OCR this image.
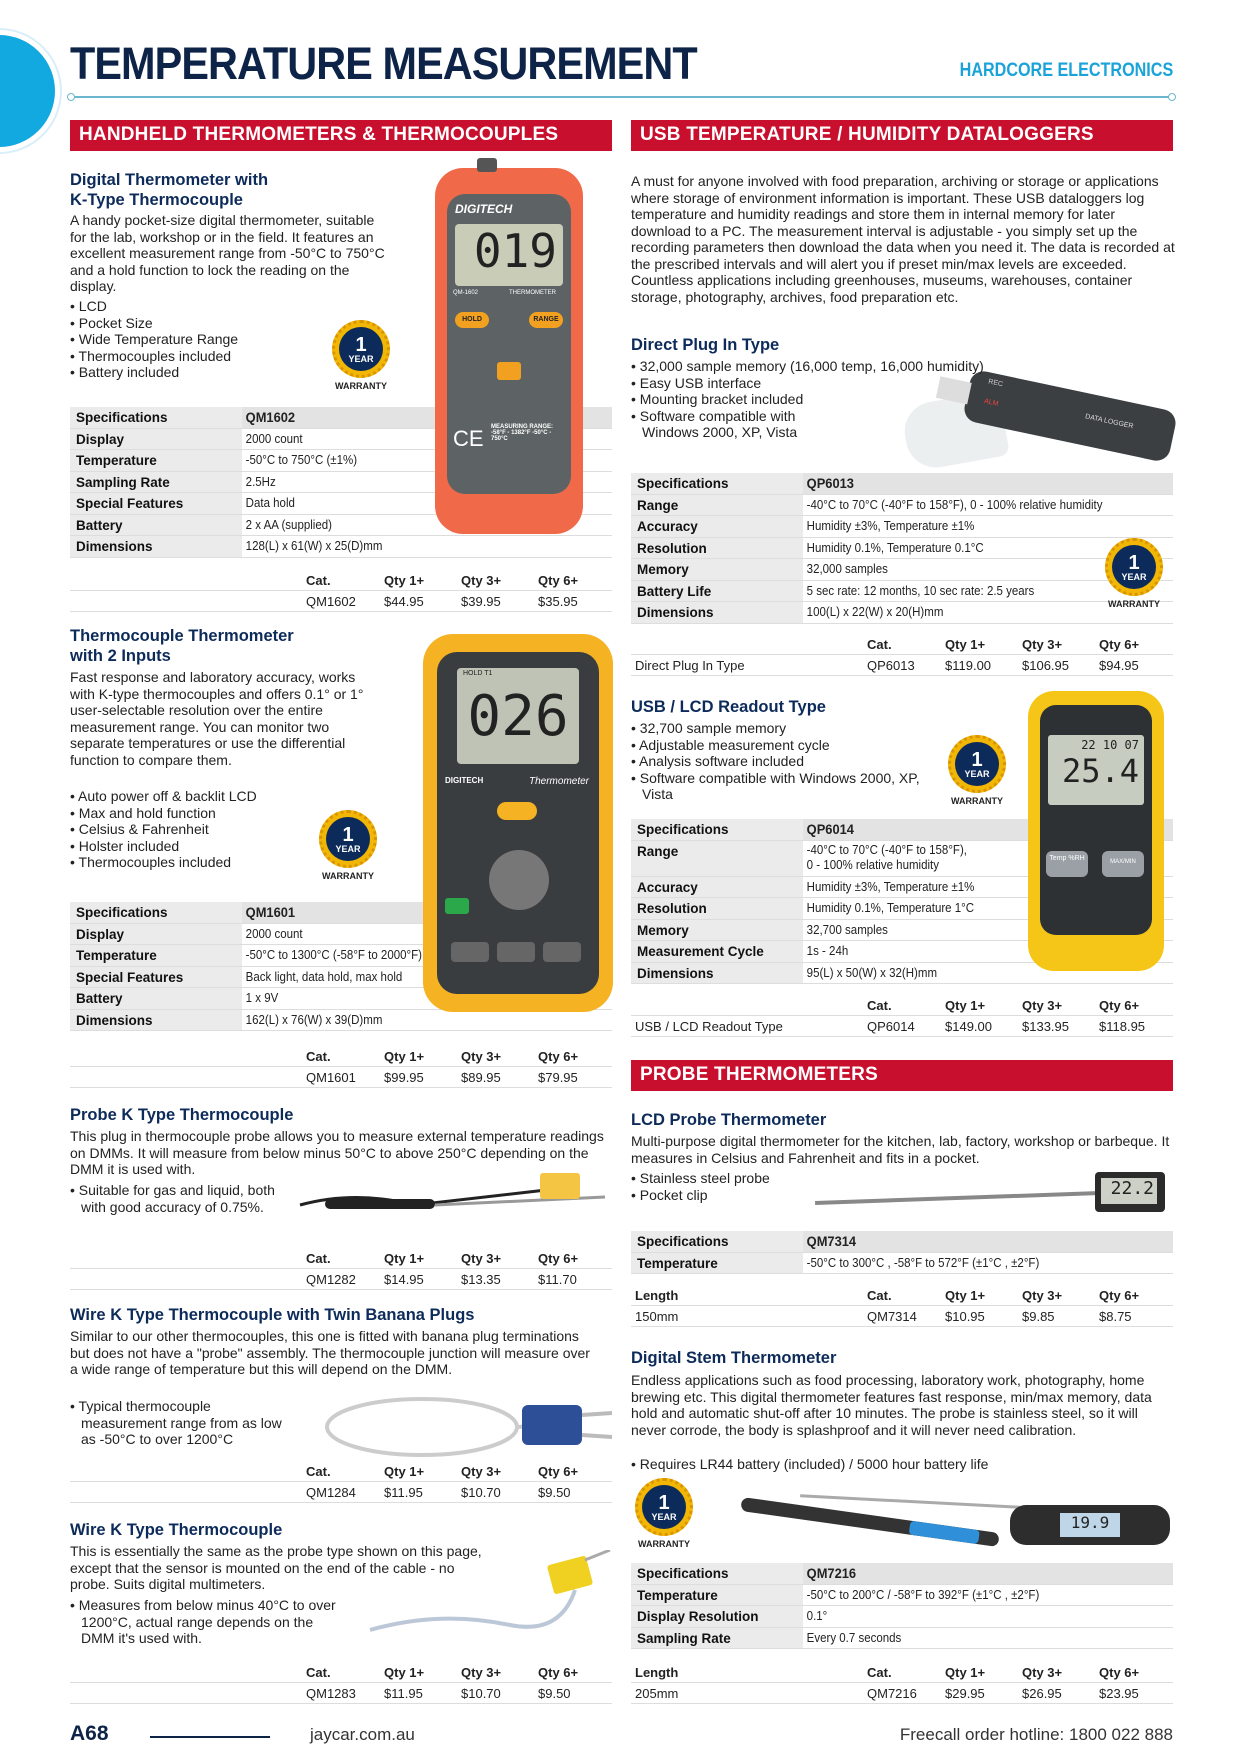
TEMPERATURE MEASUREMENT	HARDCORE ELECTRONICS
HANDHELD THERMOMETERS & THERMOCOUPLES	USB TEMPERATURE / HUMIDITY DATALOGGERS
PROBE THERMOMETERS
Digital Thermometer with K-Type Thermocouple
A handy pocket-size digital thermometer, suitable for the lab, workshop or in the field. It features an excellent measurement range from -50°C to 750°C and a hold function to lock the reading on the display.
• LCD
• Pocket Size
• Wide Temperature Range
• Thermocouples included
• Battery included
Specifications	QM1602
Display	2000 count
Temperature	-50°C to 750°C (±1%)
Sampling Rate	2.5Hz
Special Features	Data hold
Battery	2 x AA (supplied)
Dimensions	128(L) x 61(W) x 25(D)mm
Cat.	Qty 1+	Qty 3+	Qty 6+
QM1602 $44.95	$39.95	$35.95
DIGITECH
019
QM-1602	THERMOMETER
HOLD	RANGE
CE MEASURING RANGE: -58°F - 1382°F -50°C - 750°C
1
YEAR
WARRANTY
Thermocouple Thermometer with 2 Inputs
Fast response and laboratory accuracy, works with K-type thermocouples and offers 0.1° or 1° user-selectable resolution over the entire measurement range. You can monitor two separate temperatures or use the differential function to compare them.
• Auto power off & backlit LCD
• Max and hold function
• Celsius & Fahrenheit
• Holster included
• Thermocouples included
Specifications	QM1601
Display	2000 count
Temperature	-50°C to 1300°C (-58°F to 2000°F)
Special Features	Back light, data hold, max hold
Battery	1 x 9V
Dimensions	162(L) x 76(W) x 39(D)mm
Cat.	Qty 1+	Qty 3+	Qty 6+
QM1601 $99.95	$89.95	$79.95
026
HOLD T1
DIGITECH	Thermometer
1
YEAR
WARRANTY
Probe K Type Thermocouple
This plug in thermocouple probe allows you to measure external temperature readings on DMMs. It will measure from below minus 50°C to above 250°C depending on the DMM it is used with.
• Suitable for gas and liquid, both with good accuracy of 0.75%.
Cat.	Qty 1+	Qty 3+	Qty 6+
QM1282 $14.95	$13.35	$11.70
Wire K Type Thermocouple with Twin Banana Plugs
Similar to our other thermocouples, this one is fitted with banana plug terminations but does not have a "probe" assembly. The thermocouple junction will measure over a wide range of temperature but this will depend on the DMM.
• Typical thermocouple measurement range from as low as -50°C to over 1200°C
Cat.	Qty 1+	Qty 3+	Qty 6+
QM1284 $11.95	$10.70	$9.50
Wire K Type Thermocouple
This is essentially the same as the probe type shown on this page, except that the sensor is mounted on the end of the cable - no probe. Suits digital multimeters.
• Measures from below minus 40°C to over 1200°C, actual range depends on the DMM it's used with.
Cat.	Qty 1+	Qty 3+	Qty 6+
QM1283 $11.95	$10.70	$9.50
A must for anyone involved with food preparation, archiving or storage or applications where storage of environment information is important. These USB dataloggers log temperature and humidity readings and store them in internal memory for later download to a PC. The measurement interval is adjustable - you simply set up the recording parameters then download the data when you need it. The data is recorded at the prescribed intervals and will alert you if preset min/max levels are exceeded. Countless applications including greenhouses, museums, warehouses, container storage, photography, archives, food preparation etc.
Direct Plug In Type
REC
ALM
DATA LOGGER
• 32,000 sample memory (16,000 temp, 16,000 humidity)
• Easy USB interface
• Mounting bracket included
• Software compatible with Windows 2000, XP, Vista
Specifications	QP6013
Range	-40°C to 70°C (-40°F to 158°F), 0 - 100% relative humidity
Accuracy	Humidity ±3%, Temperature ±1%
Resolution	Humidity 0.1%, Temperature 0.1°C
Memory	32,000 samples
Battery Life	5 sec rate: 12 months, 10 sec rate: 2.5 years
Dimensions	100(L) x 22(W) x 20(H)mm
Cat.	Qty 1+	Qty 3+	Qty 6+
Direct Plug In Type	QP6013 $119.00 $106.95 $94.95
1
YEAR
WARRANTY
USB / LCD Readout Type
• 32,700 sample memory
• Adjustable measurement cycle
• Analysis software included
• Software compatible with Windows 2000, XP, Vista
Specifications	QP6014
Range	-40°C to 70°C (-40°F to 158°F),
0 - 100% relative humidity
Accuracy	Humidity ±3%, Temperature ±1%
Resolution	Humidity 0.1%, Temperature 1°C
Memory	32,700 samples
Measurement Cycle	1s - 24h
Dimensions	95(L) x 50(W) x 32(H)mm
Cat.	Qty 1+	Qty 3+	Qty 6+
USB / LCD Readout Type	QP6014 $149.00 $133.95 $118.95
22 10 07
25.4
Temp %RH	MAX/MIN
1
YEAR
WARRANTY
LCD Probe Thermometer
Multi-purpose digital thermometer for the kitchen, lab, factory, workshop or barbeque. It measures in Celsius and Fahrenheit and fits in a pocket.
• Stainless steel probe
• Pocket clip
Specifications	QM7314
Temperature	-50°C to 300°C , -58°F to 572°F (±1°C , ±2°F)
Length	Cat.	Qty 1+	Qty 3+	Qty 6+
150mm	QM7314 $10.95	$9.85	$8.75
22.2
Digital Stem Thermometer
Endless applications such as food processing, laboratory work, photography, home brewing etc. This digital thermometer features fast response, min/max memory, data hold and automatic shut-off after 10 minutes. The probe is stainless steel, so it will never corrode, the body is splashproof and it will never need calibration.
• Requires LR44 battery (included) / 5000 hour battery life
Specifications	QM7216
Temperature	-50°C to 200°C / -58°F to 392°F (±1°C , ±2°F)
Display Resolution	0.1°
Sampling Rate	Every 0.7 seconds
Length	Cat.	Qty 1+	Qty 3+	Qty 6+
205mm	QM7216 $29.95	$26.95	$23.95
19.9
1
YEAR
WARRANTY
A68	jaycar.com.au	Freecall order hotline: 1800 022 888
